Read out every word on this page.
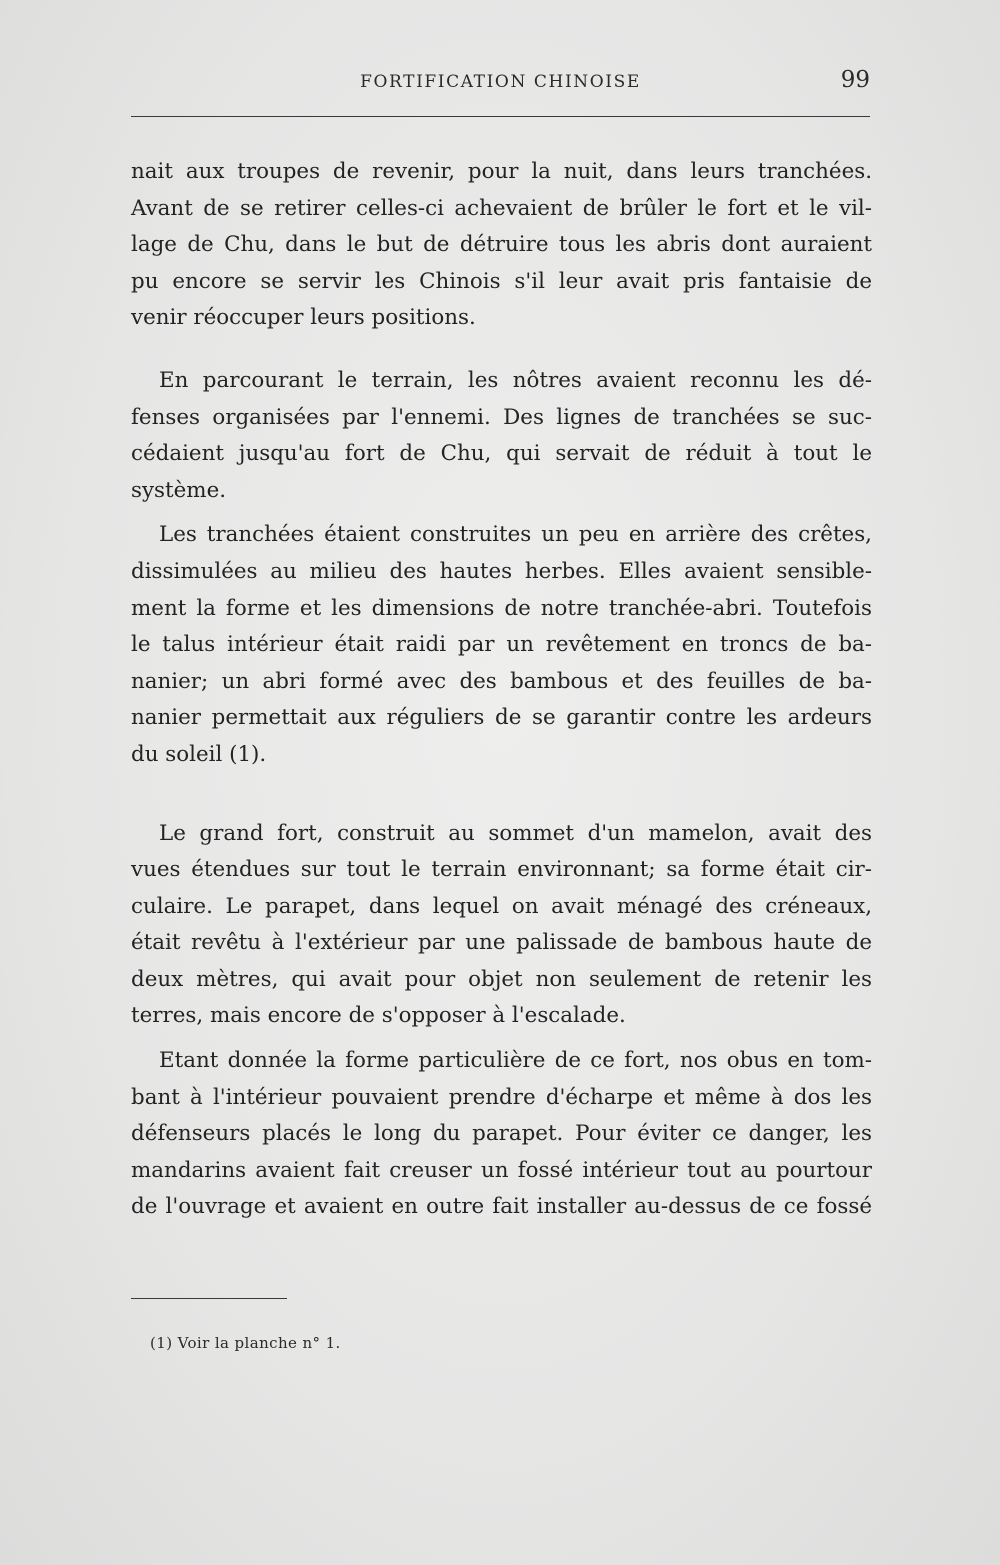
FORTIFICATION CHINOISE	99
nait aux troupes de revenir, pour la nuit, dans leurs tranchées.
Avant de se retirer celles-ci achevaient de brûler le fort et le vil-
lage de Chu, dans le but de détruire tous les abris dont auraient
pu encore se servir les Chinois s'il leur avait pris fantaisie de
venir réoccuper leurs positions.
En parcourant le terrain, les nôtres avaient reconnu les dé-
fenses organisées par l'ennemi. Des lignes de tranchées se suc-
cédaient jusqu'au fort de Chu, qui servait de réduit à tout le
système.
Les tranchées étaient construites un peu en arrière des crêtes,
dissimulées au milieu des hautes herbes. Elles avaient sensible-
ment la forme et les dimensions de notre tranchée-abri. Toutefois
le talus intérieur était raidi par un revêtement en troncs de ba-
nanier; un abri formé avec des bambous et des feuilles de ba-
nanier permettait aux réguliers de se garantir contre les ardeurs
du soleil (1).
Le grand fort, construit au sommet d'un mamelon, avait des
vues étendues sur tout le terrain environnant; sa forme était cir-
culaire. Le parapet, dans lequel on avait ménagé des créneaux,
était revêtu à l'extérieur par une palissade de bambous haute de
deux mètres, qui avait pour objet non seulement de retenir les
terres, mais encore de s'opposer à l'escalade.
Etant donnée la forme particulière de ce fort, nos obus en tom-
bant à l'intérieur pouvaient prendre d'écharpe et même à dos les
défenseurs placés le long du parapet. Pour éviter ce danger, les
mandarins avaient fait creuser un fossé intérieur tout au pourtour
de l'ouvrage et avaient en outre fait installer au-dessus de ce fossé
(1) Voir la planche n° 1.
